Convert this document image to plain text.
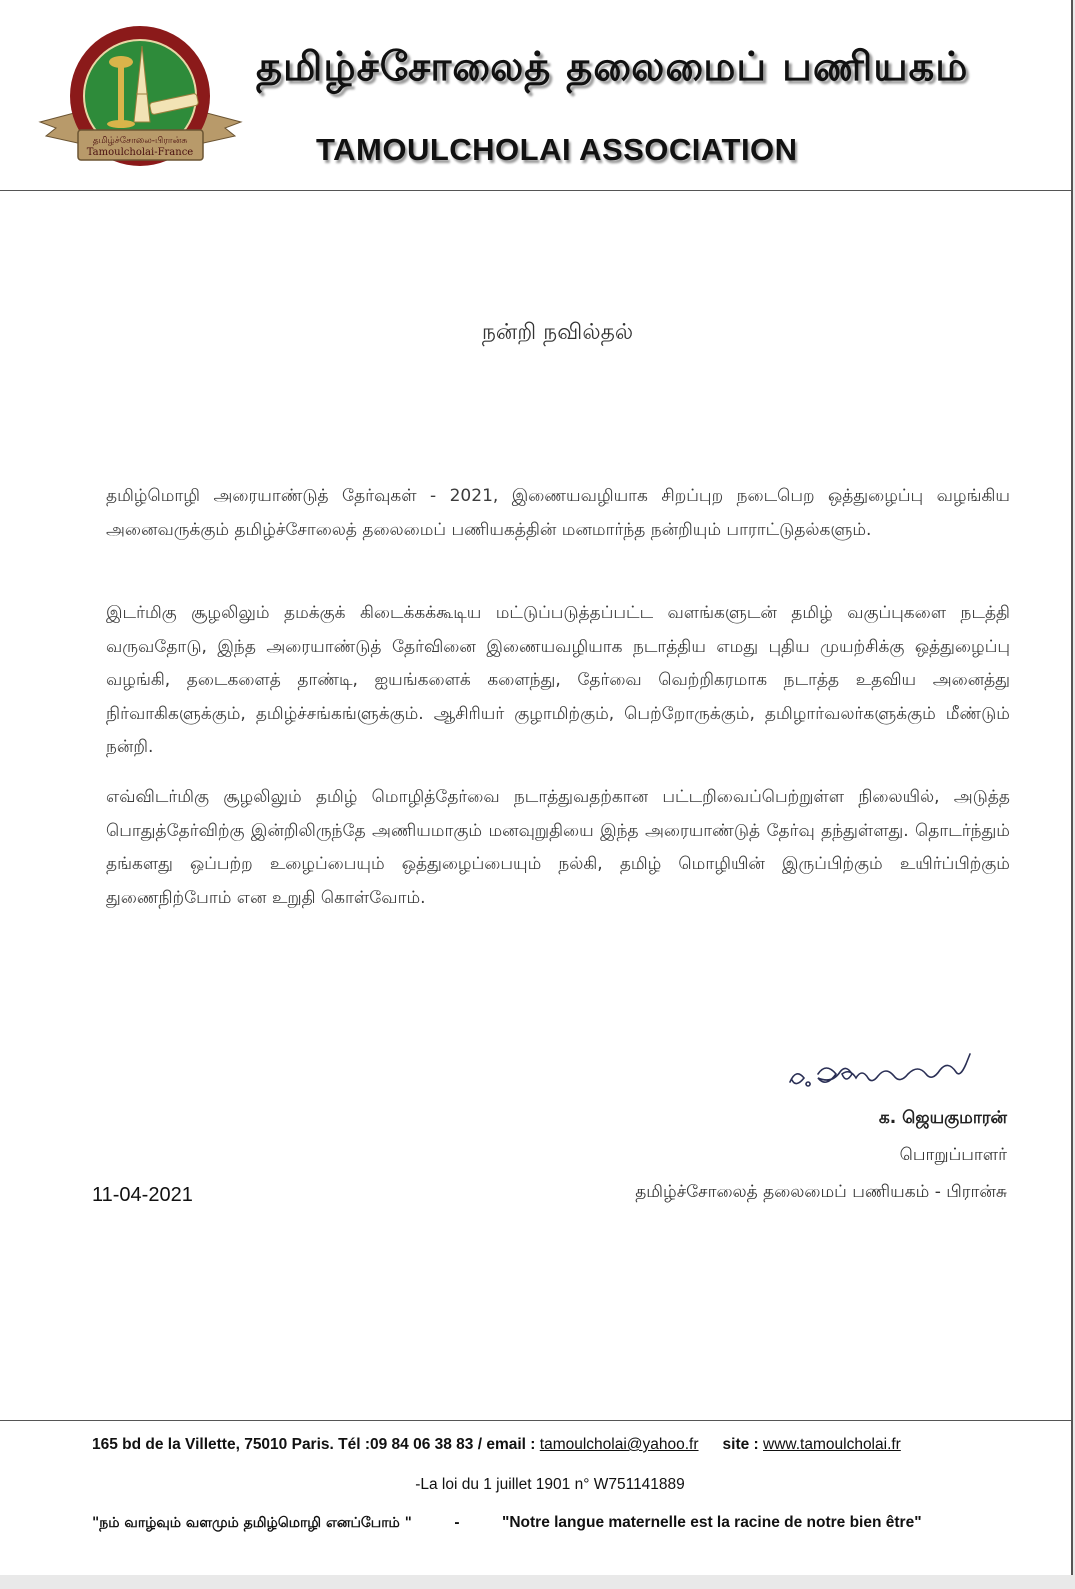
தமிழ்ச்சோலை-பிரான்சு
Tamoulcholai-France
தமிழ்ச்சோலைத் தலைமைப் பணியகம்
TAMOULCHOLAI ASSOCIATION
நன்றி நவில்தல்

தமிழ்மொழி அரையாண்டுத் தேர்வுகள் - 2021, இணையவழியாக சிறப்புற நடைபெற ஒத்துழைப்பு வழங்கிய அனைவருக்கும் தமிழ்ச்சோலைத் தலைமைப் பணியகத்தின் மனமார்ந்த நன்றியும் பாராட்டுதல்களும்.

இடர்மிகு சூழலிலும் தமக்குக் கிடைக்கக்கூடிய மட்டுப்படுத்தப்பட்ட வளங்களுடன் தமிழ் வகுப்புகளை நடத்தி வருவதோடு, இந்த அரையாண்டுத் தேர்வினை இணையவழியாக நடாத்திய எமது புதிய முயற்சிக்கு ஒத்துழைப்பு வழங்கி, தடைகளைத் தாண்டி, ஐயங்களைக் களைந்து, தேர்வை வெற்றிகரமாக நடாத்த உதவிய அனைத்து நிர்வாகிகளுக்கும், தமிழ்ச்சங்கங்ளுக்கும். ஆசிரியர் குழாமிற்கும், பெற்றோருக்கும், தமிழார்வலர்களுக்கும் மீண்டும் நன்றி.

எவ்விடர்மிகு சூழலிலும் தமிழ் மொழித்தேர்வை நடாத்துவதற்கான பட்டறிவைப்பெற்றுள்ள நிலையில், அடுத்த பொதுத்தேர்விற்கு இன்றிலிருந்தே அணியமாகும் மனவுறுதியை இந்த அரையாண்டுத் தேர்வு தந்துள்ளது. தொடர்ந்தும் தங்களது ஒப்பற்ற உழைப்பையும் ஒத்துழைப்பையும் நல்கி, தமிழ் மொழியின் இருப்பிற்கும் உயிர்ப்பிற்கும் துணைநிற்போம் என உறுதி கொள்வோம்.

க. ஜெயகுமாரன்
பொறுப்பாளர்
தமிழ்ச்சோலைத் தலைமைப் பணியகம் - பிரான்சு
11-04-2021
165 bd de la Villette, 75010 Paris. Tél :09 84 06 38 83 / email : tamoulcholai@yahoo.fr site : www.tamoulcholai.fr
-La loi du 1 juillet 1901 n° W751141889
"நம் வாழ்வும் வளமும் தமிழ்மொழி எனப்போம் "	-	"Notre langue maternelle est la racine de notre bien être"
